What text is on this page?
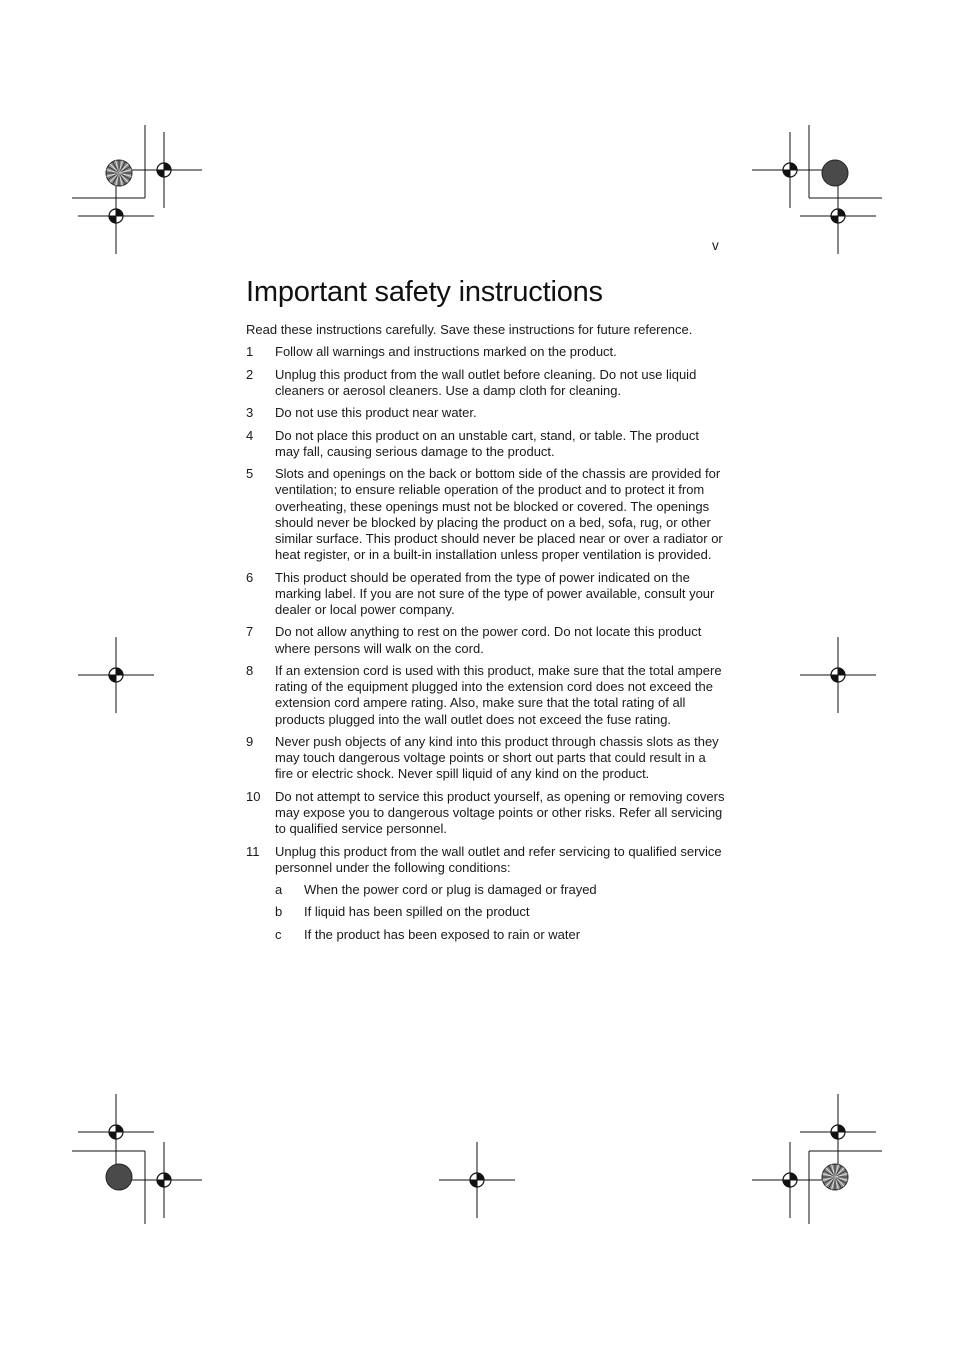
v
Important safety instructions

Read these instructions carefully. Save these instructions for future reference.

1 Follow all warnings and instructions marked on the product.
2 Unplug this product from the wall outlet before cleaning. Do not use liquid cleaners or aerosol cleaners. Use a damp cloth for cleaning.
3 Do not use this product near water.
4 Do not place this product on an unstable cart, stand, or table. The product may fall, causing serious damage to the product.
5 Slots and openings on the back or bottom side of the chassis are provided for ventilation; to ensure reliable operation of the product and to protect it from overheating, these openings must not be blocked or covered. The openings should never be blocked by placing the product on a bed, sofa, rug, or other similar surface. This product should never be placed near or over a radiator or heat register, or in a built-in installation unless proper ventilation is provided.
6 This product should be operated from the type of power indicated on the marking label. If you are not sure of the type of power available, consult your dealer or local power company.
7 Do not allow anything to rest on the power cord. Do not locate this product where persons will walk on the cord.
8 If an extension cord is used with this product, make sure that the total ampere rating of the equipment plugged into the extension cord does not exceed the extension cord ampere rating. Also, make sure that the total rating of all products plugged into the wall outlet does not exceed the fuse rating.
9 Never push objects of any kind into this product through chassis slots as they may touch dangerous voltage points or short out parts that could result in a fire or electric shock. Never spill liquid of any kind on the product.
10 Do not attempt to service this product yourself, as opening or removing covers may expose you to dangerous voltage points or other risks. Refer all servicing to qualified service personnel.
11 Unplug this product from the wall outlet and refer servicing to qualified service personnel under the following conditions:
a When the power cord or plug is damaged or frayed
b If liquid has been spilled on the product
c If the product has been exposed to rain or water
